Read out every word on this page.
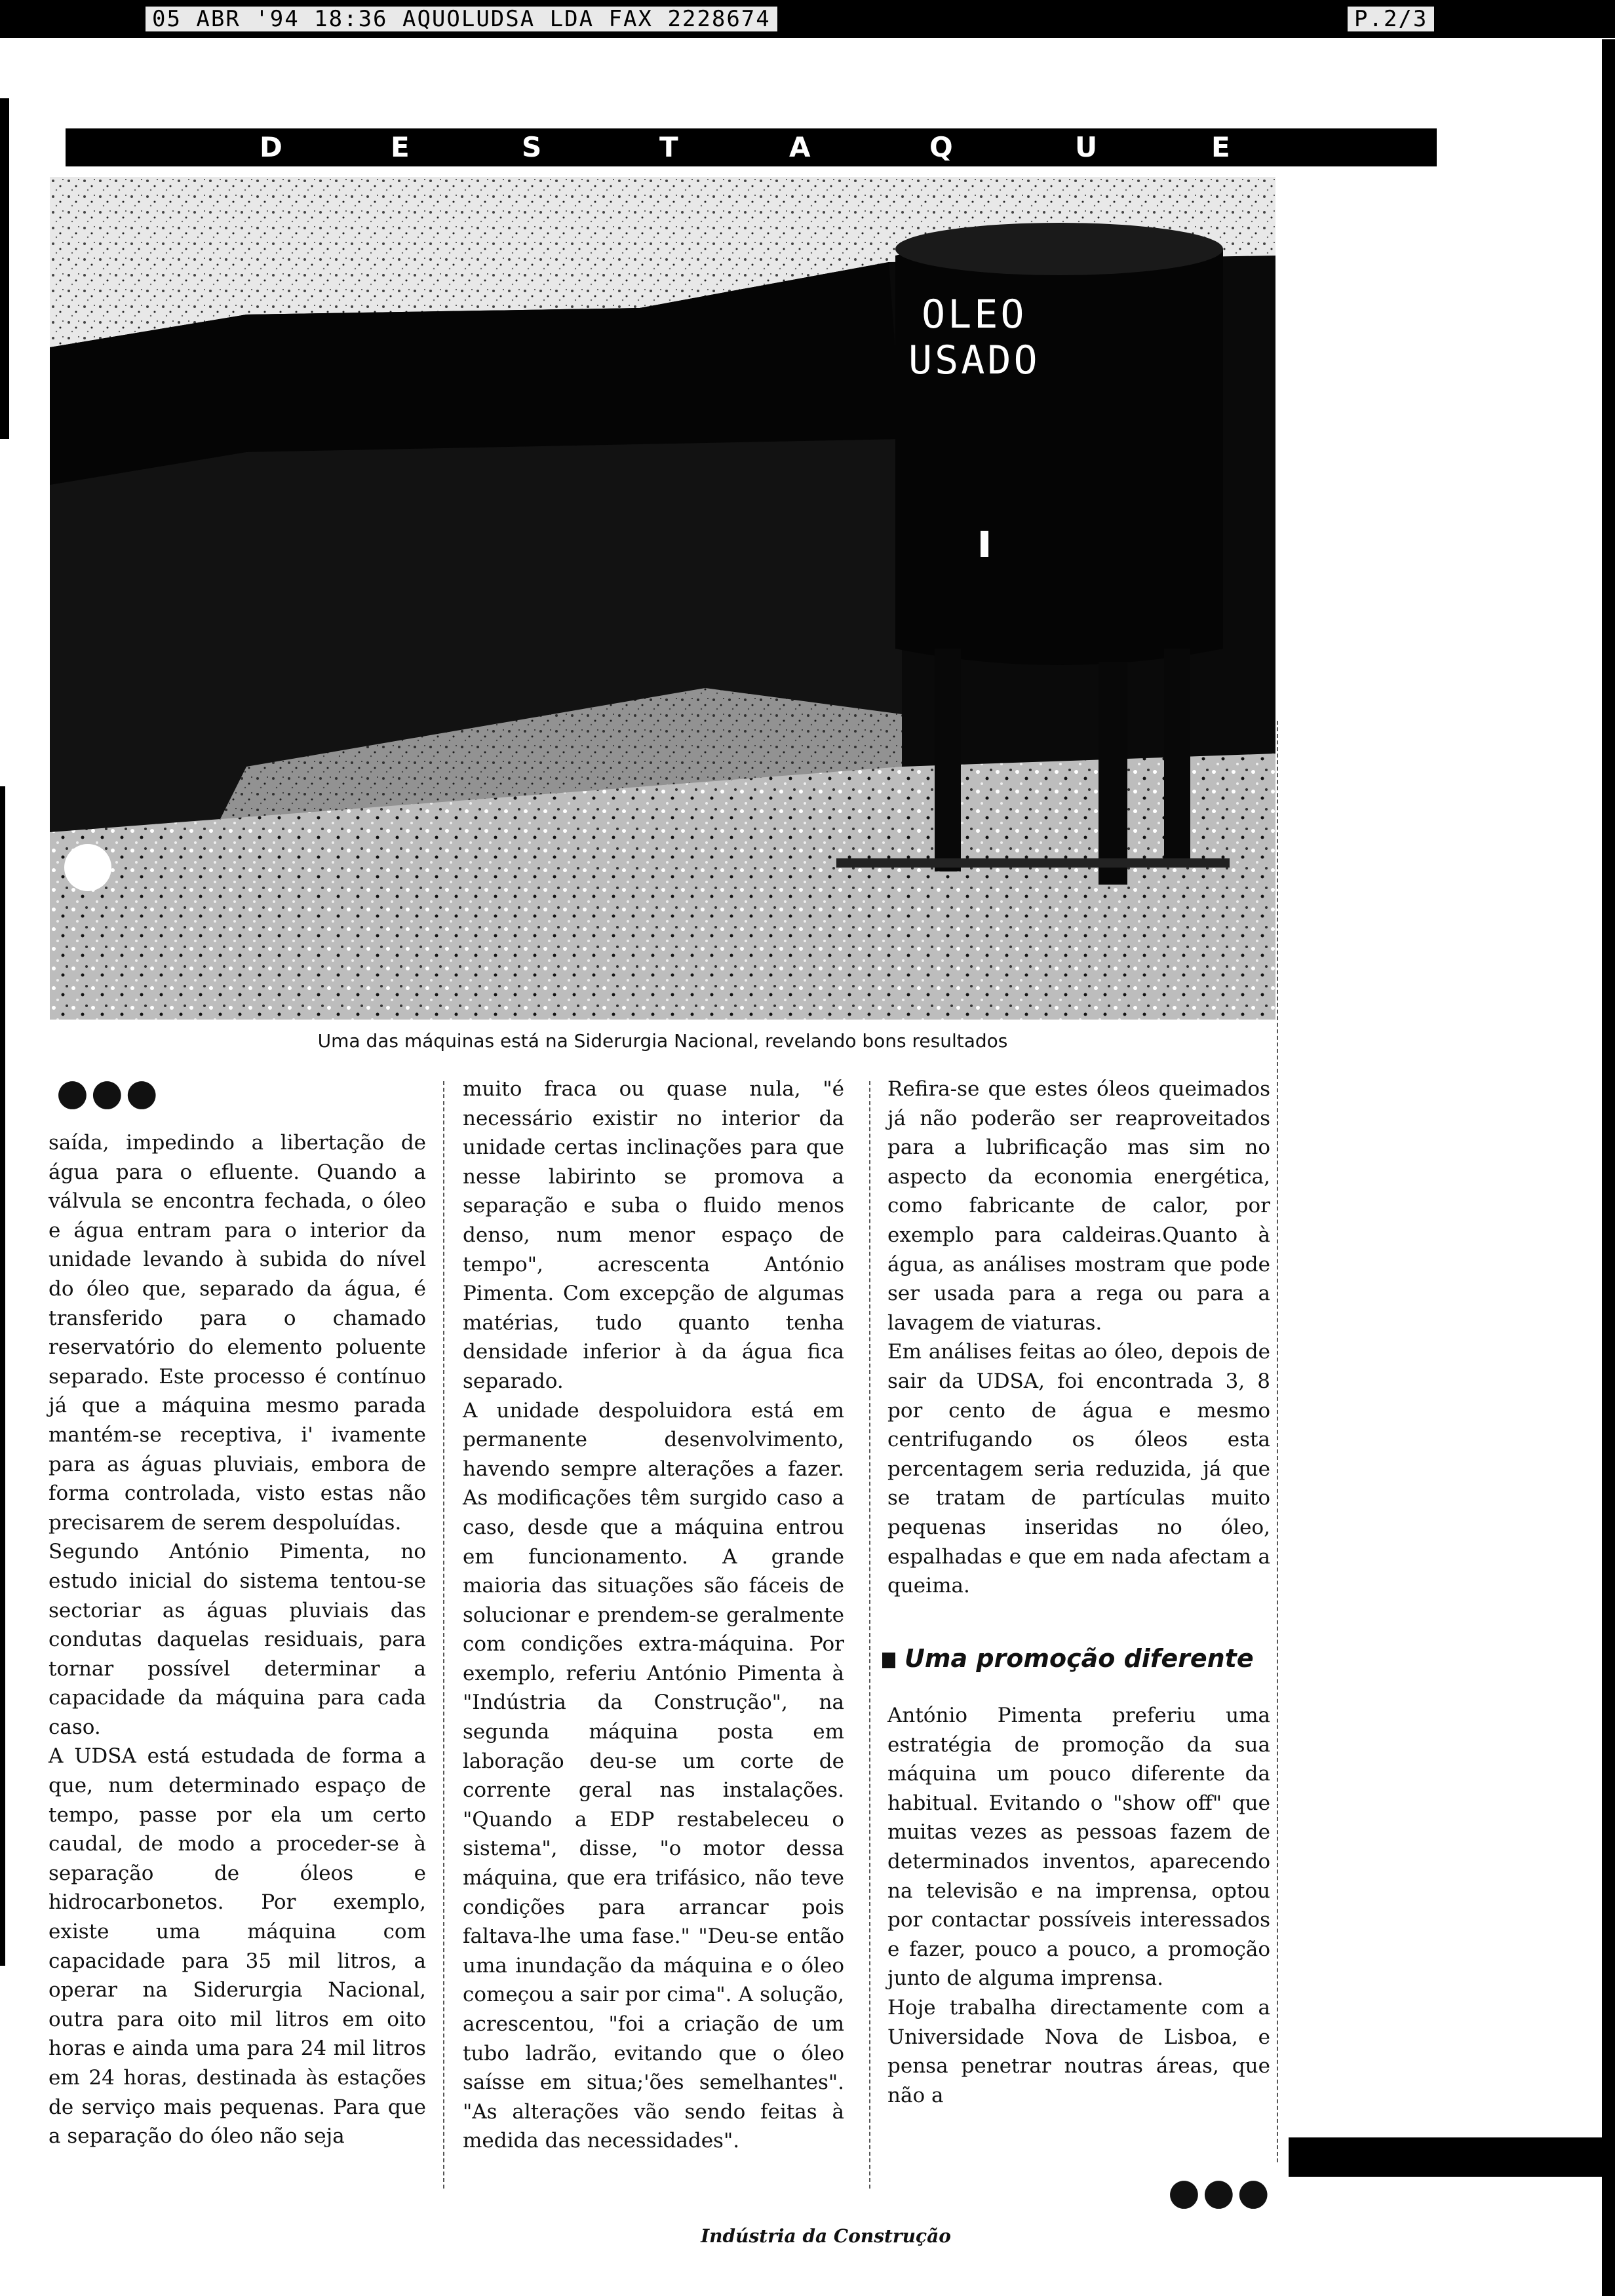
05 ABR '94 18:36 AQUOLUDSA LDA FAX 2228674	P.2/3
D	E	S	T	A	Q	U	E
OLEO
USADO
Uma das máquinas está na Siderurgia Nacional, revelando bons resultados
●●●

saída, impedindo a libertação de água para o efluente. Quando a válvula se encontra fechada, o óleo e água entram para o interior da unidade levando à subida do nível do óleo que, separado da água, é transferido para o chamado reservatório do elemento poluente separado. Este processo é contínuo já que a máquina mesmo parada mantém-se receptiva, i' ivamente para as águas pluviais, embora de forma controlada, visto estas não precisarem de serem despoluídas.

Segundo António Pimenta, no estudo inicial do sistema tentou-se sectoriar as águas pluviais das condutas daquelas residuais, para tornar possível determinar a capacidade da máquina para cada caso.

A UDSA está estudada de forma a que, num determinado espaço de tempo, passe por ela um certo caudal, de modo a proceder-se à separação de óleos e hidrocarbonetos. Por exemplo, existe uma máquina com capacidade para 35 mil litros, a operar na Siderurgia Nacional, outra para oito mil litros em oito horas e ainda uma para 24 mil litros em 24 horas, destinada às estações de serviço mais pequenas. Para que a separação do óleo não seja

muito fraca ou quase nula, "é necessário existir no interior da unidade certas inclinações para que nesse labirinto se promova a separação e suba o fluido menos denso, num menor espaço de tempo", acrescenta António Pimenta. Com excepção de algumas matérias, tudo quanto tenha densidade inferior à da água fica separado.

A unidade despoluidora está em permanente desenvolvimento, havendo sempre alterações a fazer. As modificações têm surgido caso a caso, desde que a máquina entrou em funcionamento. A grande maioria das situações são fáceis de solucionar e prendem-se geralmente com condições extra-máquina. Por exemplo, referiu António Pimenta à "Indústria da Construção", na segunda máquina posta em laboração deu-se um corte de corrente geral nas instalações. "Quando a EDP restabeleceu o sistema", disse, "o motor dessa máquina, que era trifásico, não teve condições para arrancar pois faltava-lhe uma fase." "Deu-se então uma inundação da máquina e o óleo começou a sair por cima". A solução, acrescentou, "foi a criação de um tubo ladrão, evitando que o óleo saísse em situa;'ões semelhantes". "As alterações vão sendo feitas à medida das necessidades".

Refira-se que estes óleos queimados já não poderão ser reaproveitados para a lubrificação mas sim no aspecto da economia energética, como fabricante de calor, por exemplo para caldeiras.Quanto à água, as análises mostram que pode ser usada para a rega ou para a lavagem de viaturas.

Em análises feitas ao óleo, depois de sair da UDSA, foi encontrada 3, 8 por cento de água e mesmo centrifugando os óleos esta percentagem seria reduzida, já que se tratam de partículas muito pequenas inseridas no óleo, espalhadas e que em nada afectam a queima.

Uma promoção diferente

António Pimenta preferiu uma estratégia de promoção da sua máquina um pouco diferente da habitual. Evitando o "show off" que muitas vezes as pessoas fazem de determinados inventos, aparecendo na televisão e na imprensa, optou por contactar possíveis interessados e fazer, pouco a pouco, a promoção junto de alguma imprensa.

Hoje trabalha directamente com a Universidade Nova de Lisboa, e pensa penetrar noutras áreas, que não a

●●●
Indústria da Construção
